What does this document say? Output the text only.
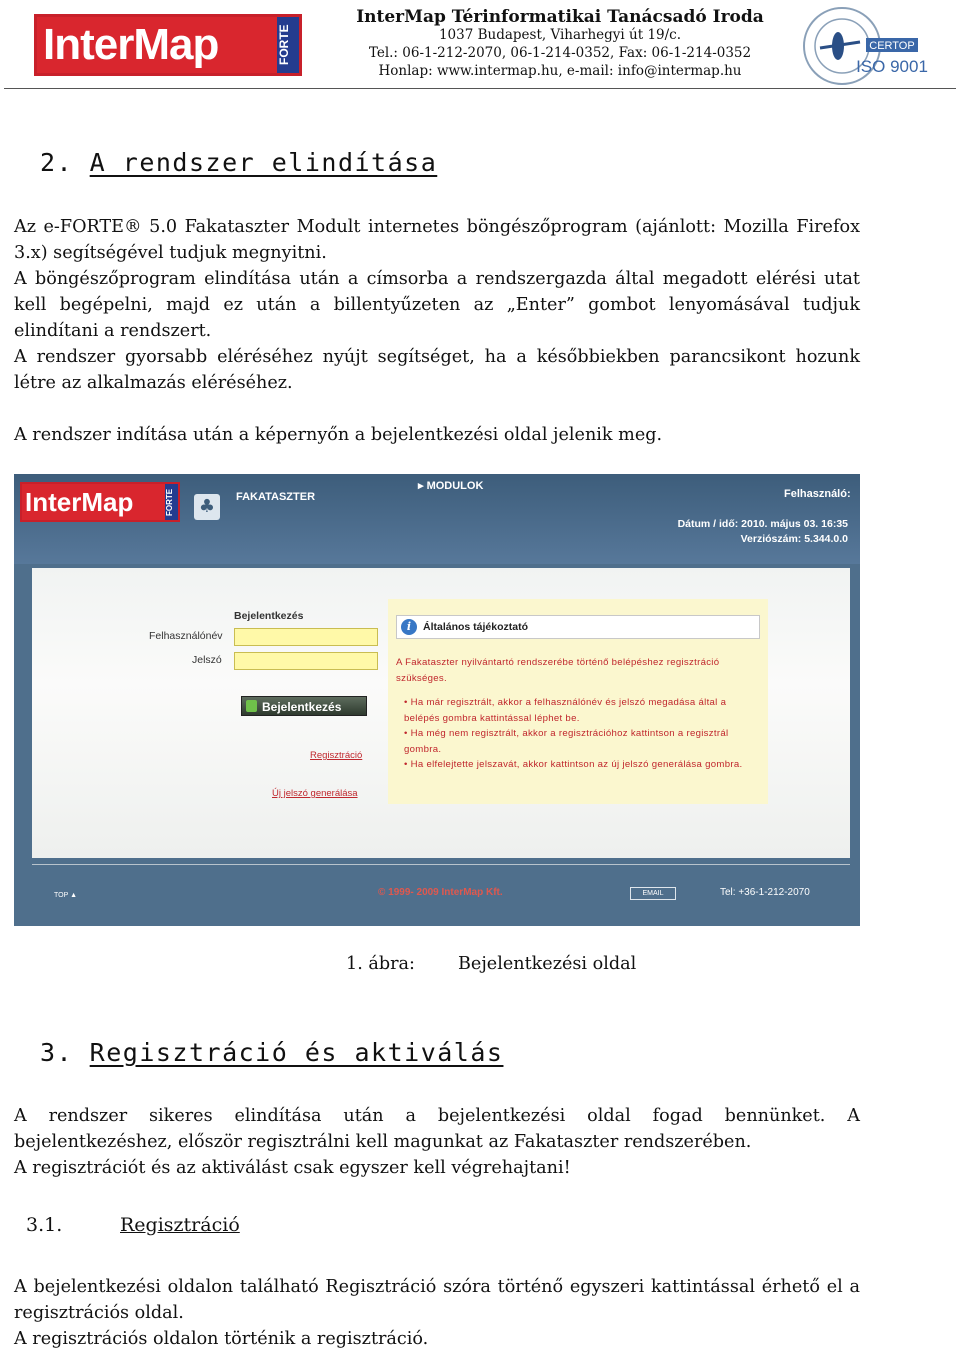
InterMap	FORTE
InterMap Térinformatikai Tanácsadó Iroda
1037 Budapest, Viharhegyi út 19/c.
Tel.: 06-1-212-2070, 06-1-214-0352, Fax: 06-1-214-0352
Honlap: www.intermap.hu, e-mail: info@intermap.hu
CERTOP
ISO 9001
2. A rendszer elindítása

Az e-FORTE® 5.0 Fakataszter Modult internetes böngészőprogram (ajánlott: Mozilla Firefox 3.x) segítségével tudjuk megnyitni.

A böngészőprogram elindítása után a címsorba a rendszergazda által megadott elérési utat kell begépelni, majd ez után a billentyűzeten az „Enter” gombot lenyomásával tudjuk elindítani a rendszert.

A rendszer gyorsabb eléréséhez nyújt segítséget, ha a későbbiekben parancsikont hozunk létre az alkalmazás eléréséhez.

A rendszer indítása után a képernyőn a bejelentkezési oldal jelenik meg.
InterMap	FORTE ♣	FAKATASZTER
▸ MODULOK
Felhasználó:
Dátum / idő: 2010. május 03. 16:35
Verziószám: 5.344.0.0
Bejelentkezés
Felhasználónév
Jelszó
Bejelentkezés
Regisztráció
Új jelszó generálása
i	Általános tájékoztató
A Fakataszter nyilvántartó rendszerébe történő belépéshez regisztráció szükséges.
• Ha már regisztrált, akkor a felhasználónév és jelszó megadása által a belépés gombra kattintással léphet be.
• Ha még nem regisztrált, akkor a regisztrációhoz kattintson a regisztrál gombra.
• Ha elfelejtette jelszavát, akkor kattintson az új jelszó generálása gombra.
TOP ▲	© 1999- 2009 InterMap Kft.	EMAIL	Tel: +36-1-212-2070
1. ábra: Bejelentkezési oldal
3. Regisztráció és aktiválás

A rendszer sikeres elindítása után a bejelentkezési oldal fogad bennünket. A bejelentkezéshez, először regisztrálni kell magunkat az Fakataszter rendszerében.

A regisztrációt és az aktiválást csak egyszer kell végrehajtani!

3.1.	Regisztráció

A bejelentkezési oldalon található Regisztráció szóra történő egyszeri kattintással érhető el a regisztrációs oldal.

A regisztrációs oldalon történik a regisztráció.
